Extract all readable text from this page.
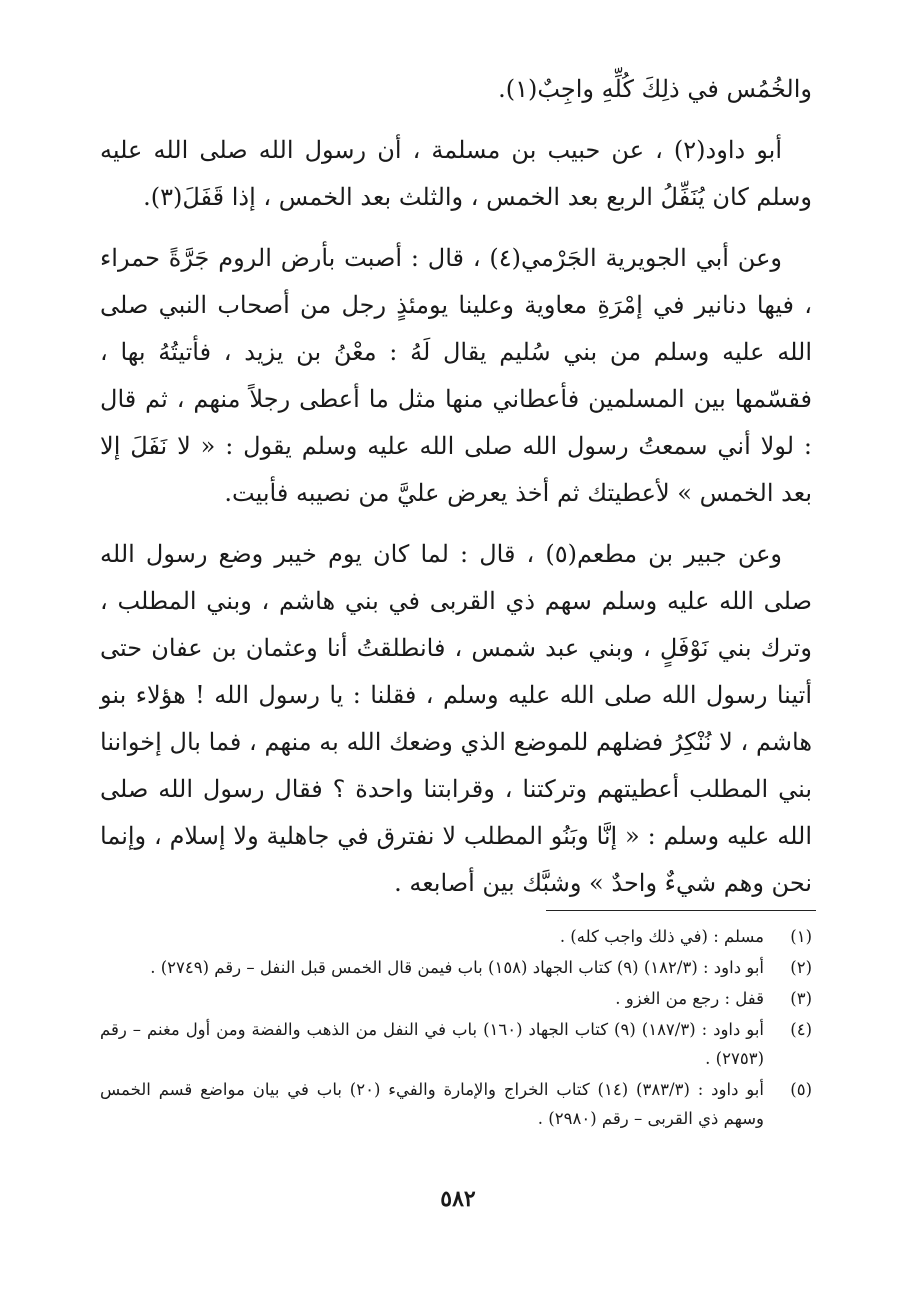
والخُمُس في ذلِكَ كُلِّهِ واجِبٌ(١).

أبو داود(٢) ، عن حبيب بن مسلمة ، أن رسول الله صلى الله عليه وسلم كان يُنَفِّلُ الربع بعد الخمس ، والثلث بعد الخمس ، إذا قَفَلَ(٣).

وعن أبي الجويرية الجَرْمي(٤) ، قال : أصبت بأرض الروم جَرَّةً حمراء ، فيها دنانير في إمْرَةِ معاوية وعلينا يومئذٍ رجل من أصحاب النبي صلى الله عليه وسلم من بني سُليم يقال لَهُ : معْنُ بن يزيد ، فأتيتُهُ بها ، فقسّمها بين المسلمين فأعطاني منها مثل ما أعطى رجلاً منهم ، ثم قال : لولا أني سمعتُ رسول الله صلى الله عليه وسلم يقول : « لا نَفَلَ إلا بعد الخمس » لأعطيتك ثم أخذ يعرض عليَّ من نصيبه فأبيت.

وعن جبير بن مطعم(٥) ، قال : لما كان يوم خيبر وضع رسول الله صلى الله عليه وسلم سهم ذي القربى في بني هاشم ، وبني المطلب ، وترك بني نَوْفَلٍ ، وبني عبد شمس ، فانطلقتُ أنا وعثمان بن عفان حتى أتينا رسول الله صلى الله عليه وسلم ، فقلنا : يا رسول الله ! هؤلاء بنو هاشم ، لا نُنْكِرُ فضلهم للموضع الذي وضعك الله به منهم ، فما بال إخواننا بني المطلب أعطيتهم وتركتنا ، وقرابتنا واحدة ؟ فقال رسول الله صلى الله عليه وسلم : « إنَّا وبَنُو المطلب لا نفترق في جاهلية ولا إسلام ، وإنما نحن وهم شيءٌ واحدٌ » وشبَّك بين أصابعه .

(١)
مسلم : (في ذلك واجب كله) .
(٢)
أبو داود : (١٨٢/٣) (٩) كتاب الجهاد (١٥٨) باب فيمن قال الخمس قبل النفل – رقم (٢٧٤٩) .
(٣)
قفل : رجع من الغزو .
(٤)
أبو داود : (١٨٧/٣) (٩) كتاب الجهاد (١٦٠) باب في النفل من الذهب والفضة ومن أول مغنم – رقم (٢٧٥٣) .
(٥)
أبو داود : (٣٨٣/٣) (١٤) كتاب الخراج والإمارة والفيء (٢٠) باب في بيان مواضع قسم الخمس وسهم ذي القربى – رقم (٢٩٨٠) .
٥٨٢
